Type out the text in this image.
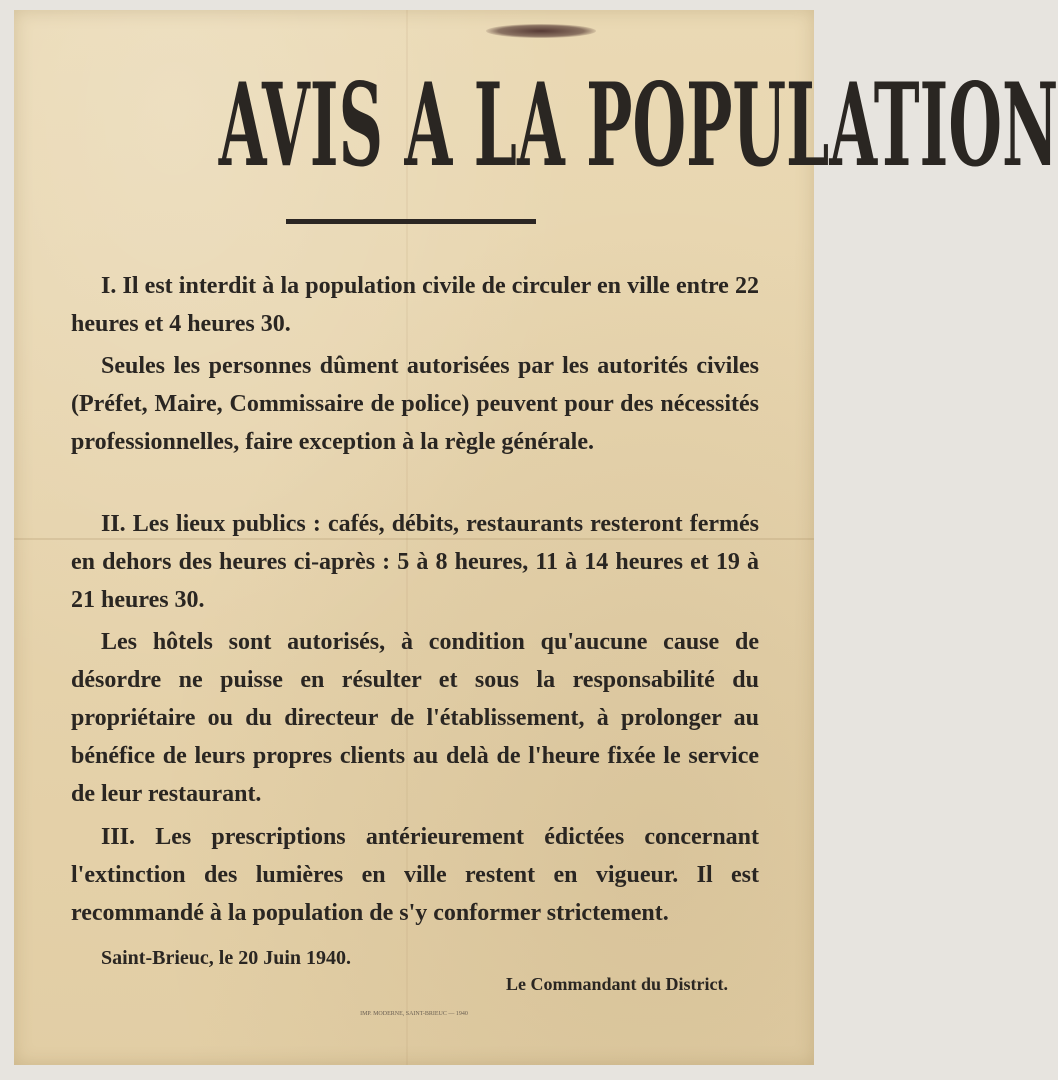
AVIS A LA POPULATION

I. Il est interdit à la population civile de circuler en ville entre 22 heures et 4 heures 30.

Seules les personnes dûment autorisées par les autorités civiles (Préfet, Maire, Commissaire de police) peuvent pour des nécessités professionnelles, faire exception à la règle générale.

II. Les lieux publics : cafés, débits, restaurants resteront fermés en dehors des heures ci-après : 5 à 8 heures, 11 à 14 heures et 19 à 21 heures 30.

Les hôtels sont autorisés, à condition qu'aucune cause de désordre ne puisse en résulter et sous la responsabilité du propriétaire ou du directeur de l'établissement, à prolonger au bénéfice de leurs propres clients au delà de l'heure fixée le service de leur restaurant.

III. Les prescriptions antérieurement édictées concernant l'extinction des lumières en ville restent en vigueur. Il est recommandé à la population de s'y conformer strictement.

Saint-Brieuc, le 20 Juin 1940.

Le Commandant du District.

IMP. MODERNE, SAINT-BRIEUC — 1940
